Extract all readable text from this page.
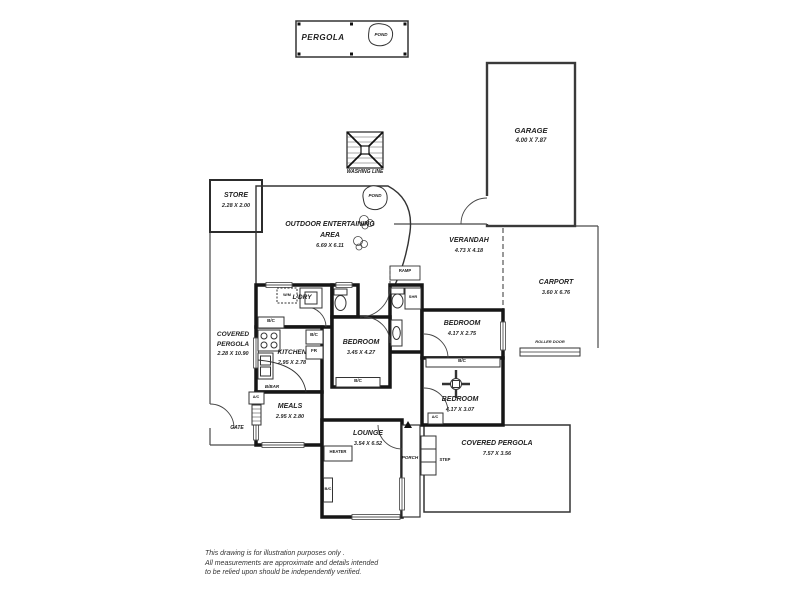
PERGOLA	POND
WASHING LINE
GARAGE
4.00 X 7.87
STORE
2.28 X 2.00
OUTDOOR ENTERTAINING
AREA
6.69 X 6.11
POND
VERANDAH
4.73 X 4.18
CARPORT
3.60 X 6.76
ROLLER DOOR
COVERED
PERGOLA
2.28 X 10.90
GATE
L'DRY
W/M
KITCHEN
2.95 X 2.78
B/C
B/C
FR
B/BAR
BEDROOM
3.45 X 4.27
B/C
SHR
BEDROOM
4.17 X 2.75
B/C
BEDROOM
4.17 X 3.07
MEALS
2.95 X 2.80
LOUNGE
3.54 X 6.52
HEATER
B/C
A/C
A/C
PORCH	STEP
RAMP
COVERED PERGOLA
7.57 X 3.56
This drawing is for illustration purposes only .
All measurements are approximate and details intended
to be relied upon should be independently verified.
